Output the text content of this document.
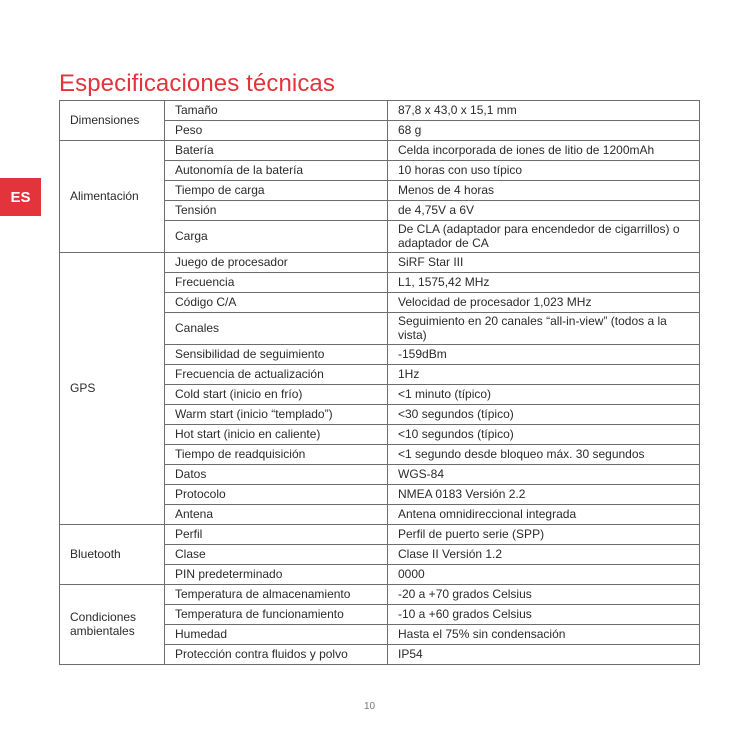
Especificaciones técnicas
ES
Dimensiones	Tamaño	87,8 x 43,0 x 15,1 mm
	Peso	68 g
Alimentación	Batería	Celda incorporada de iones de litio de 1200mAh
	Autonomía de la batería	10 horas con uso típico
	Tiempo de carga	Menos de 4 horas
	Tensión	de 4,75V a 6V
	Carga	De CLA (adaptador para encendedor de cigarrillos) o adaptador de CA
GPS	Juego de procesador	SiRF Star III
	Frecuencia	L1, 1575,42 MHz
	Código C/A	Velocidad de procesador 1,023 MHz
	Canales	Seguimiento en 20 canales “all-in-view” (todos a la vista)
	Sensibilidad de seguimiento	-159dBm
	Frecuencia de actualización	1Hz
	Cold start (inicio en frío)	<1 minuto (típico)
	Warm start (inicio “templado”)	<30 segundos (típico)
	Hot start (inicio en caliente)	<10 segundos (típico)
	Tiempo de readquisición	<1 segundo desde bloqueo máx. 30 segundos
	Datos	WGS-84
	Protocolo	NMEA 0183 Versión 2.2
	Antena	Antena omnidireccional integrada
Bluetooth	Perfil	Perfil de puerto serie (SPP)
	Clase	Clase II Versión 1.2
	PIN predeterminado	0000
Condiciones ambientales	Temperatura de almacenamiento	-20 a +70 grados Celsius
	Temperatura de funcionamiento	-10 a +60 grados Celsius
	Humedad	Hasta el 75% sin condensación
	Protección contra fluidos y polvo	IP54
10
